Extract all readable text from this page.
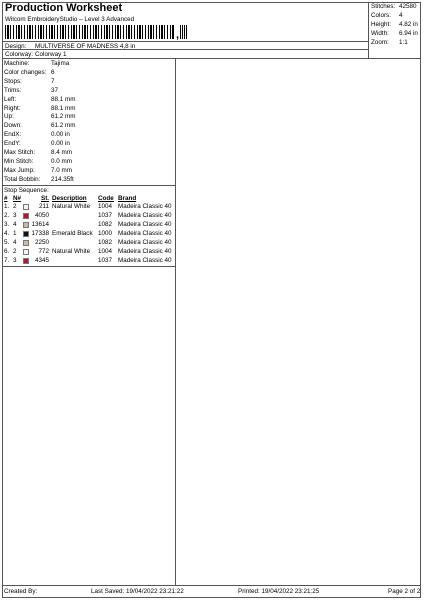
Production Worksheet
Wilcom EmbroideryStudio – Level 3 Advanced
,
Stitches: 42580
Colors: 4
Height: 4.82 in
Width: 6.94 in
Zoom: 1:1
Design: MULTIVERSE OF MADNESS 4,8 in
Colorway: Colorway 1
Machine:	Tajima
Color changes: 6
Stops:	7
Trims:	37
Left:	88.1 mm
Right:	88.1 mm
Up:	61.2 mm
Down:	61.2 mm
EndX:	0.00 in
EndY:	0.00 in
Max Stitch:	8.4 mm
Min Stitch:	0.0 mm
Max Jump:	7.0 mm
Total Bobbin: 214.35ft
Stop Sequence:
# N#	St. Description Code Brand
1. 2	211 Natural White 1004 Madeira Classic 40
2. 3	4050	1037 Madeira Classic 40
3. 4 13614	1082 Madeira Classic 40
4. 1 17338 Emerald Black 1000 Madeira Classic 40
5. 4	2250	1082 Madeira Classic 40
6. 2	772 Natural White 1004 Madeira Classic 40
7. 3	4345	1037 Madeira Classic 40
Created By:	Last Saved: 19/04/2022 23:21:22	Printed: 19/04/2022 23:21:25	Page 2 of 2
